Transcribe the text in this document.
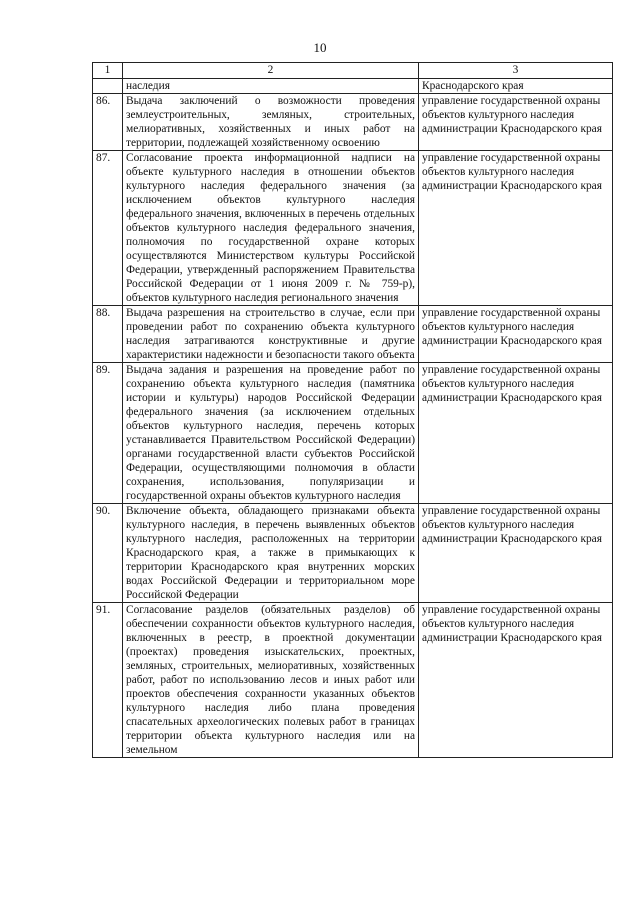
10
1	2	3
	наследия	Краснодарского края
86.	Выдача заключений о возможности проведения землеустроительных, земляных, строительных, мелиоративных, хозяйственных и иных работ на территории, подлежащей хозяйственному освоению	управление государственной охраны объектов культурного наследия администрации Краснодарского края
87.	Согласование проекта информационной надписи на объекте культурного наследия в отношении объектов культурного наследия федерального значения (за исключением объектов культурного наследия федерального значения, включенных в перечень отдельных объектов культурного наследия федерального значения, полномочия по государственной охране которых осуществляются Министерством культуры Российской Федерации, утвержденный распоряжением Правительства Российской Федерации от 1 июня 2009 г. № 759-р), объектов культурного наследия регионального значения	управление государственной охраны объектов культурного наследия администрации Краснодарского края
88.	Выдача разрешения на строительство в случае, если при проведении работ по сохранению объекта культурного наследия затрагиваются конструктивные и другие характеристики надежности и безопасности такого объекта	управление государственной охраны объектов культурного наследия администрации Краснодарского края
89.	Выдача задания и разрешения на проведение работ по сохранению объекта культурного наследия (памятника истории и культуры) народов Российской Федерации федерального значения (за исключением отдельных объектов культурного наследия, перечень которых устанавливается Правительством Российской Федерации) органами государственной власти субъектов Российской Федерации, осуществляющими полномочия в области сохранения, использования, популяризации и государственной охраны объектов культурного наследия	управление государственной охраны объектов культурного наследия администрации Краснодарского края
90.	Включение объекта, обладающего признаками объекта культурного наследия, в перечень выявленных объектов культурного наследия, расположенных на территории Краснодарского края, а также в примыкающих к территории Краснодарского края внутренних морских водах Российской Федерации и территориальном море Российской Федерации	управление государственной охраны объектов культурного наследия администрации Краснодарского края
91.	Согласование разделов (обязательных разделов) об обеспечении сохранности объектов культурного наследия, включенных в реестр, в проектной документации (проектах) проведения изыскательских, проектных, земляных, строительных, мелиоративных, хозяйственных работ, работ по использованию лесов и иных работ или проектов обеспечения сохранности указанных объектов культурного наследия либо плана проведения спасательных археологических полевых работ в границах территории объекта культурного наследия или на земельном	управление государственной охраны объектов культурного наследия администрации Краснодарского края
